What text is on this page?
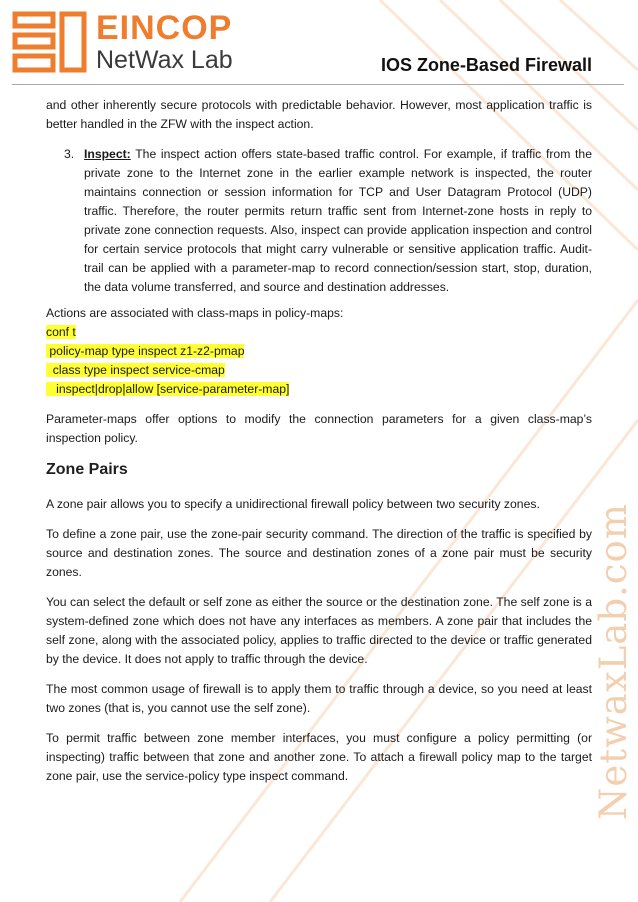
NetwaxLab.com
EINCOP
NetWax Lab	IOS Zone-Based Firewall

and other inherently secure protocols with predictable behavior. However, most application traffic is better handled in the ZFW with the inspect action.

3. Inspect: The inspect action offers state-based traffic control. For example, if traffic from the private zone to the Internet zone in the earlier example network is inspected, the router maintains connection or session information for TCP and User Datagram Protocol (UDP) traffic. Therefore, the router permits return traffic sent from Internet-zone hosts in reply to private zone connection requests. Also, inspect can provide application inspection and control for certain service protocols that might carry vulnerable or sensitive application traffic. Audit-trail can be applied with a parameter-map to record connection/session start, stop, duration, the data volume transferred, and source and destination addresses.

Actions are associated with class-maps in policy-maps:

conf t
policy-map type inspect z1-z2-pmap
class type inspect service-cmap
inspect|drop|allow [service-parameter-map]

Parameter-maps offer options to modify the connection parameters for a given class-map’s inspection policy.

Zone Pairs

A zone pair allows you to specify a unidirectional firewall policy between two security zones.

To define a zone pair, use the zone-pair security command. The direction of the traffic is specified by source and destination zones. The source and destination zones of a zone pair must be security zones.

You can select the default or self zone as either the source or the destination zone. The self zone is a system-defined zone which does not have any interfaces as members. A zone pair that includes the self zone, along with the associated policy, applies to traffic directed to the device or traffic generated by the device. It does not apply to traffic through the device.

The most common usage of firewall is to apply them to traffic through a device, so you need at least two zones (that is, you cannot use the self zone).

To permit traffic between zone member interfaces, you must configure a policy permitting (or inspecting) traffic between that zone and another zone. To attach a firewall policy map to the target zone pair, use the service-policy type inspect command.
